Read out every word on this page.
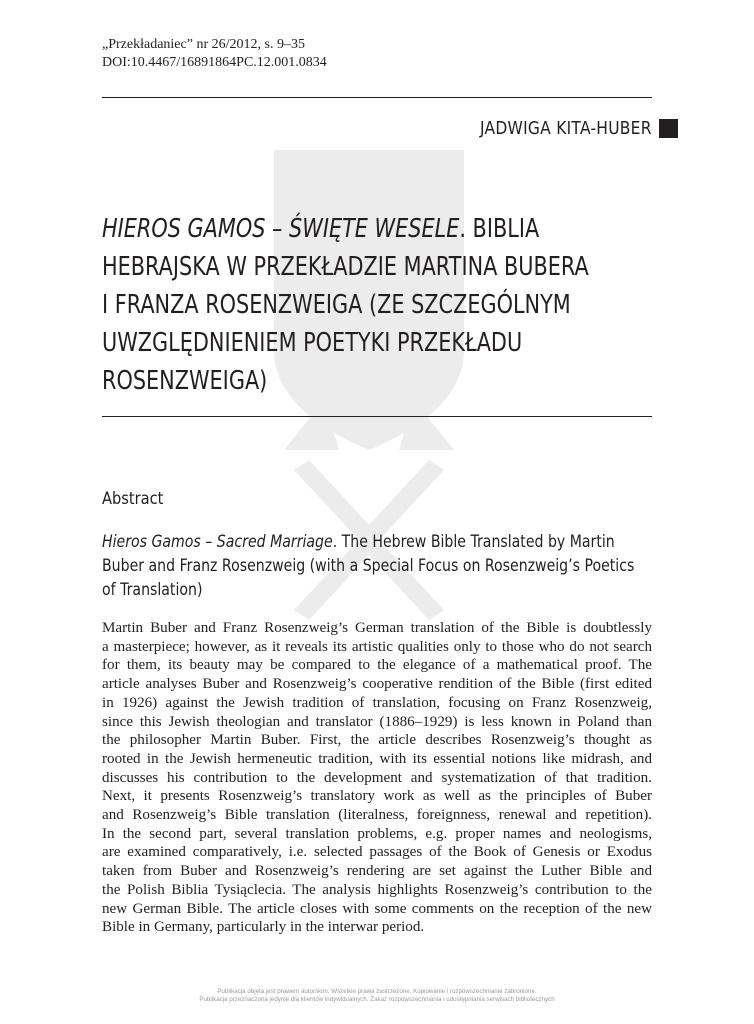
„Przekładaniec” nr 26/2012, s. 9–35
DOI:10.4467/16891864PC.12.001.0834
JADWIGA KITA-HUBER
HIEROS GAMOS – ŚWIĘTE WESELE. BIBLIA
HEBRAJSKA W PRZEKŁADZIE MARTINA BUBERA
I FRANZA ROSENZWEIGA (ZE SZCZEGÓLNYM
UWZGLĘDNIENIEM POETYKI PRZEKŁADU
ROSENZWEIGA)
Abstract
Hieros Gamos – Sacred Marriage. The Hebrew Bible Translated by Martin
Buber and Franz Rosenzweig (with a Special Focus on Rosenzweig’s Poetics
of Translation)
Martin Buber and Franz Rosenzweig’s German translation of the Bible is doubtlessly
a masterpiece; however, as it reveals its artistic qualities only to those who do not search
for them, its beauty may be compared to the elegance of a mathematical proof. The
article analyses Buber and Rosenzweig’s cooperative rendition of the Bible (first edited
in 1926) against the Jewish tradition of translation, focusing on Franz Rosenzweig,
since this Jewish theologian and translator (1886–1929) is less known in Poland than
the philosopher Martin Buber. First, the article describes Rosenzweig’s thought as
rooted in the Jewish hermeneutic tradition, with its essential notions like midrash, and
discusses his contribution to the development and systematization of that tradition.
Next, it presents Rosenzweig’s translatory work as well as the principles of Buber
and Rosenzweig’s Bible translation (literalness, foreignness, renewal and repetition).
In the second part, several translation problems, e.g. proper names and neologisms,
are examined comparatively, i.e. selected passages of the Book of Genesis or Exodus
taken from Buber and Rosenzweig’s rendering are set against the Luther Bible and
the Polish Biblia Tysiąclecia. The analysis highlights Rosenzweig’s contribution to the
new German Bible. The article closes with some comments on the reception of the new
Bible in Germany, particularly in the interwar period.
Publikacja objęta jest prawem autorskim. Wszelkie prawa zastrzeżone. Kopiowanie i rozpowszechnianie zabronione.
Publikacja przeznaczona jedynie dla klientów indywidualnych. Zakaz rozpowszechniania i udostępniania serwisach bibliotecznych
